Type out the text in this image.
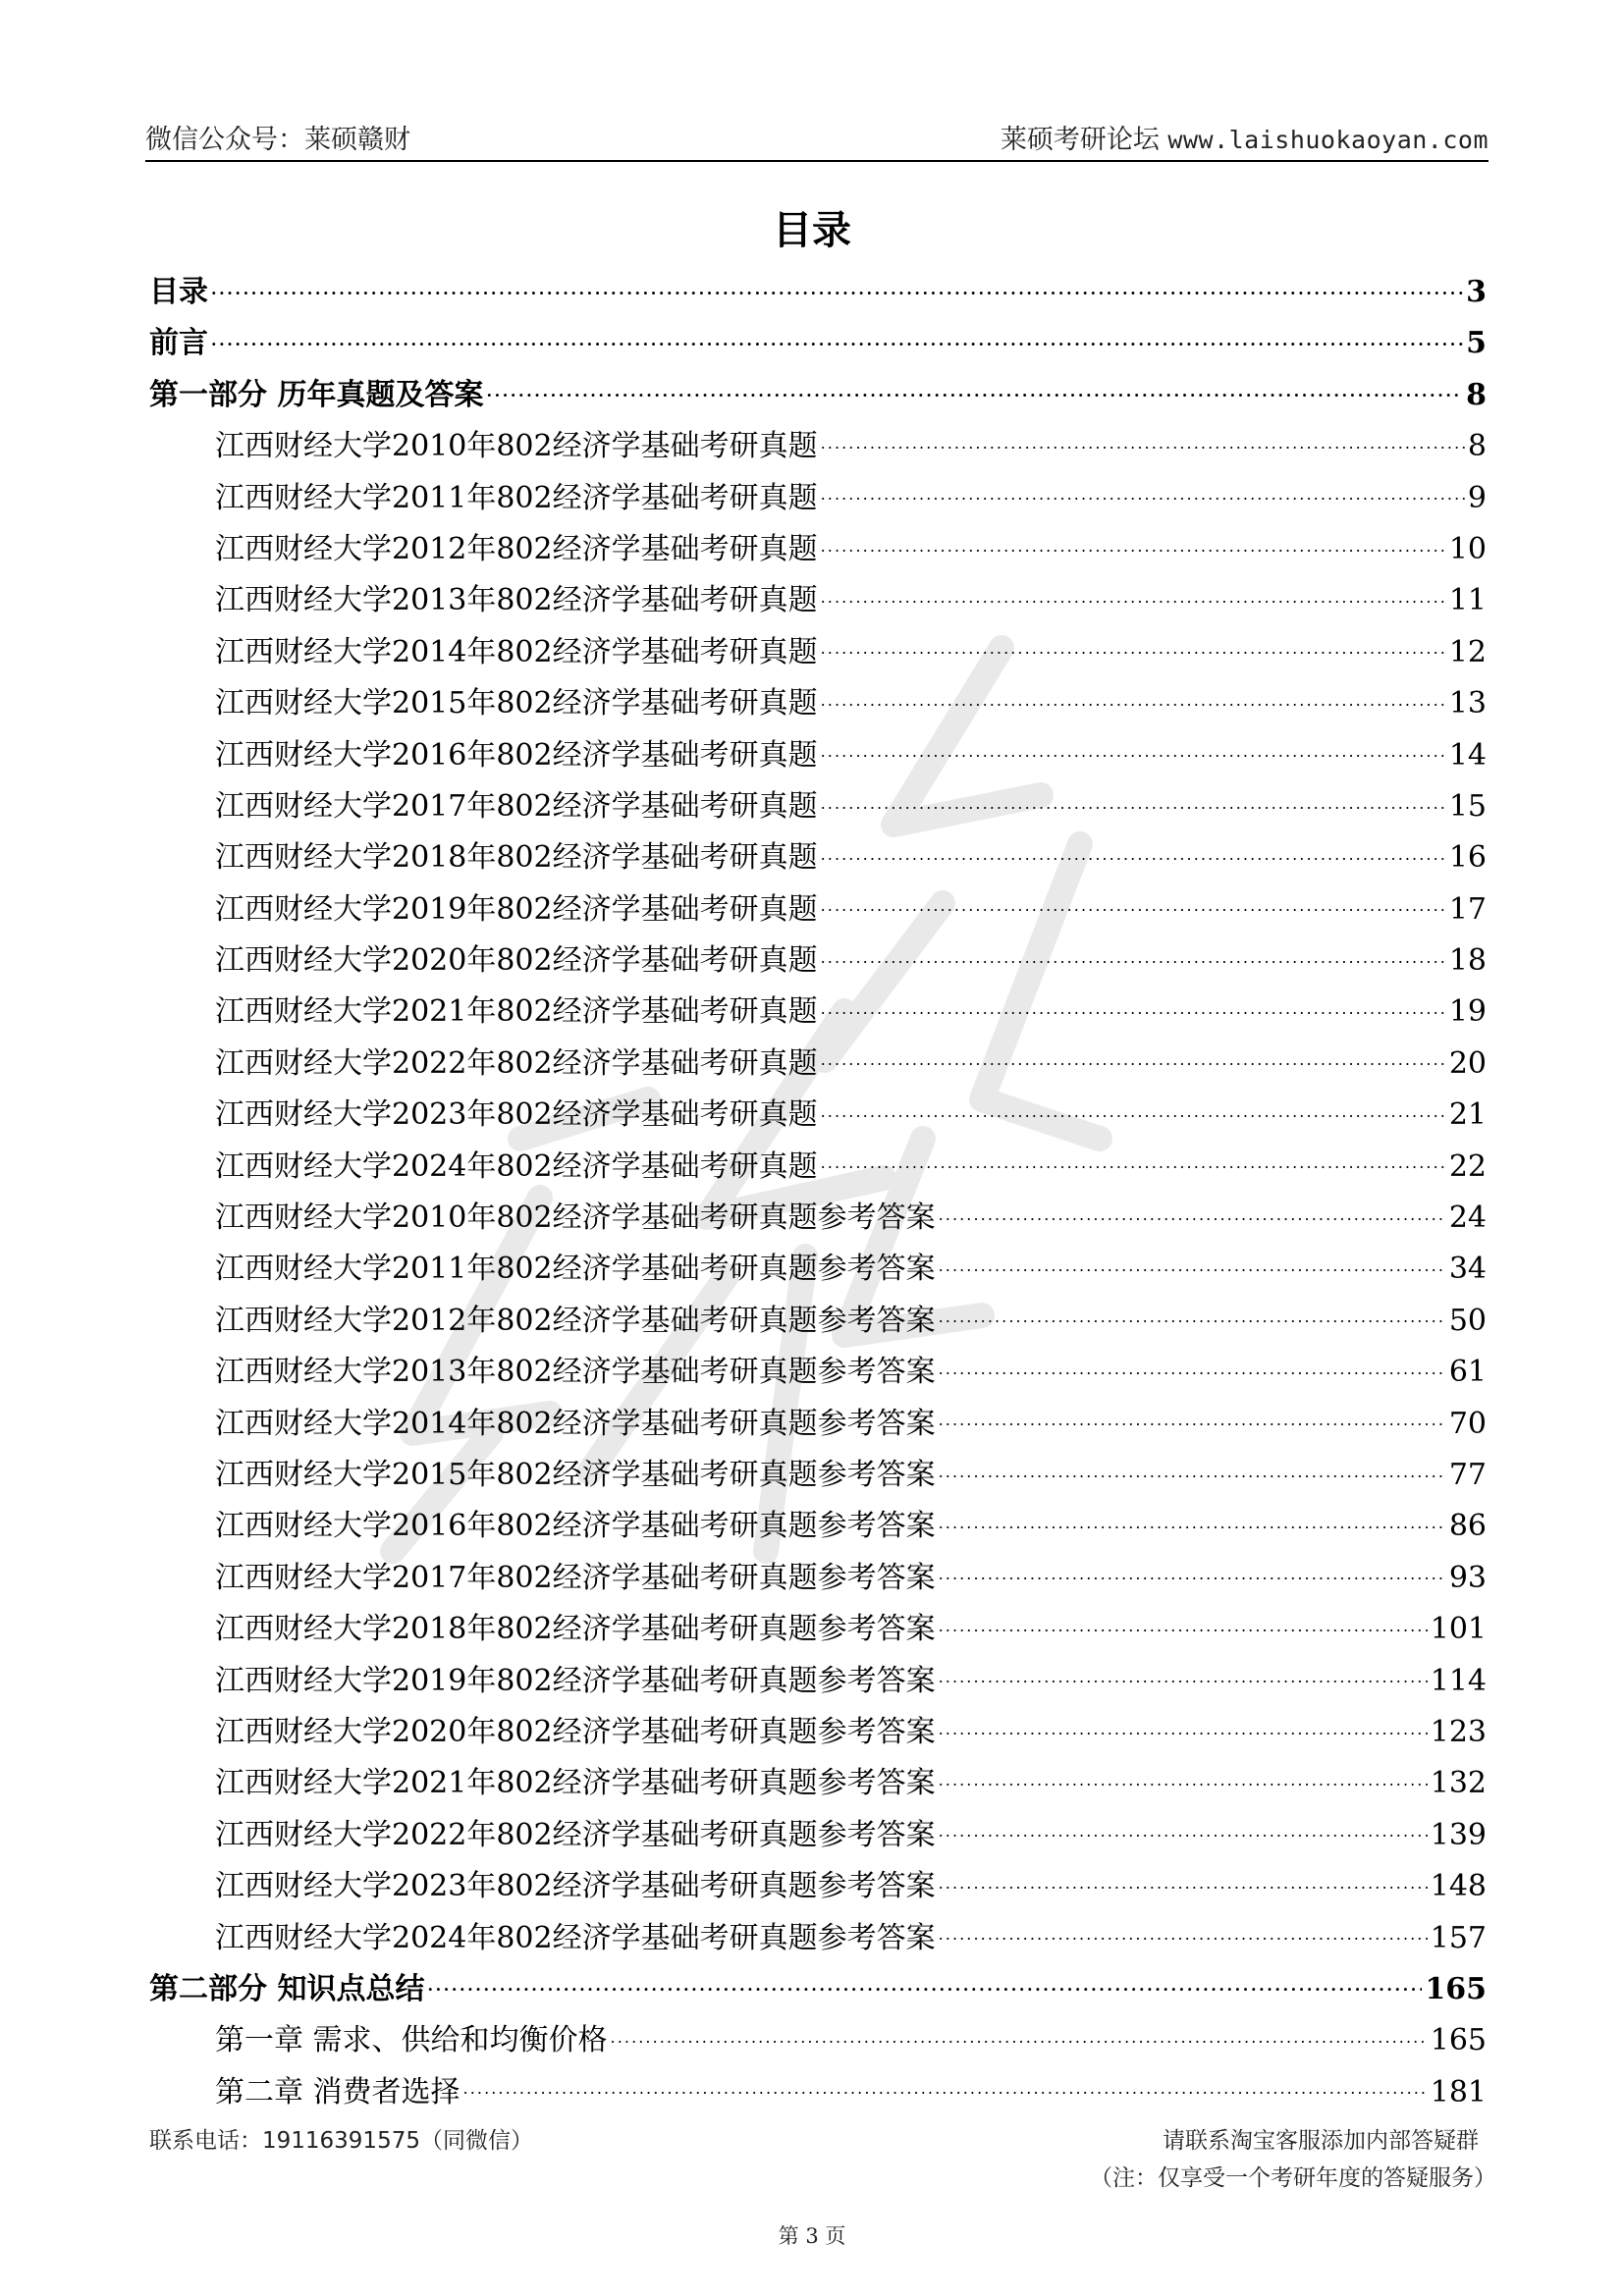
微信公众号：莱硕赣财	莱硕考研论坛 www.laishuokaoyan.com
目录
目录 . . .	3
前言 . . .	5
第一部分 历年真题及答案 . . .	8
江西财经大学2010年802经济学基础考研真题 . . .	8
江西财经大学2011年802经济学基础考研真题 . . .	9
江西财经大学2012年802经济学基础考研真题 . . .	10
江西财经大学2013年802经济学基础考研真题 . . .	11
江西财经大学2014年802经济学基础考研真题 . . .	12
江西财经大学2015年802经济学基础考研真题 . . .	13
江西财经大学2016年802经济学基础考研真题 . . .	14
江西财经大学2017年802经济学基础考研真题 . . .	15
江西财经大学2018年802经济学基础考研真题 . . .	16
江西财经大学2019年802经济学基础考研真题 . . .	17
江西财经大学2020年802经济学基础考研真题 . . .	18
江西财经大学2021年802经济学基础考研真题 . . .	19
江西财经大学2022年802经济学基础考研真题 . . .	20
江西财经大学2023年802经济学基础考研真题 . . .	21
江西财经大学2024年802经济学基础考研真题 . . .	22
江西财经大学2010年802经济学基础考研真题参考答案 . . .	24
江西财经大学2011年802经济学基础考研真题参考答案 . . .	34
江西财经大学2012年802经济学基础考研真题参考答案 . . .	50
江西财经大学2013年802经济学基础考研真题参考答案 . . .	61
江西财经大学2014年802经济学基础考研真题参考答案 . . .	70
江西财经大学2015年802经济学基础考研真题参考答案 . . .	77
江西财经大学2016年802经济学基础考研真题参考答案 . . .	86
江西财经大学2017年802经济学基础考研真题参考答案 . . .	93
江西财经大学2018年802经济学基础考研真题参考答案 . . .	101
江西财经大学2019年802经济学基础考研真题参考答案 . . .	114
江西财经大学2020年802经济学基础考研真题参考答案 . . .	123
江西财经大学2021年802经济学基础考研真题参考答案 . . .	132
江西财经大学2022年802经济学基础考研真题参考答案 . . .	139
江西财经大学2023年802经济学基础考研真题参考答案 . . .	148
江西财经大学2024年802经济学基础考研真题参考答案 . . .	157
第二部分 知识点总结 . . .	165
第一章 需求、供给和均衡价格 . . .	165
第二章 消费者选择 . . .	181
联系电话：19116391575（同微信）	请联系淘宝客服添加内部答疑群
（注：仅享受一个考研年度的答疑服务）
第 3 页
